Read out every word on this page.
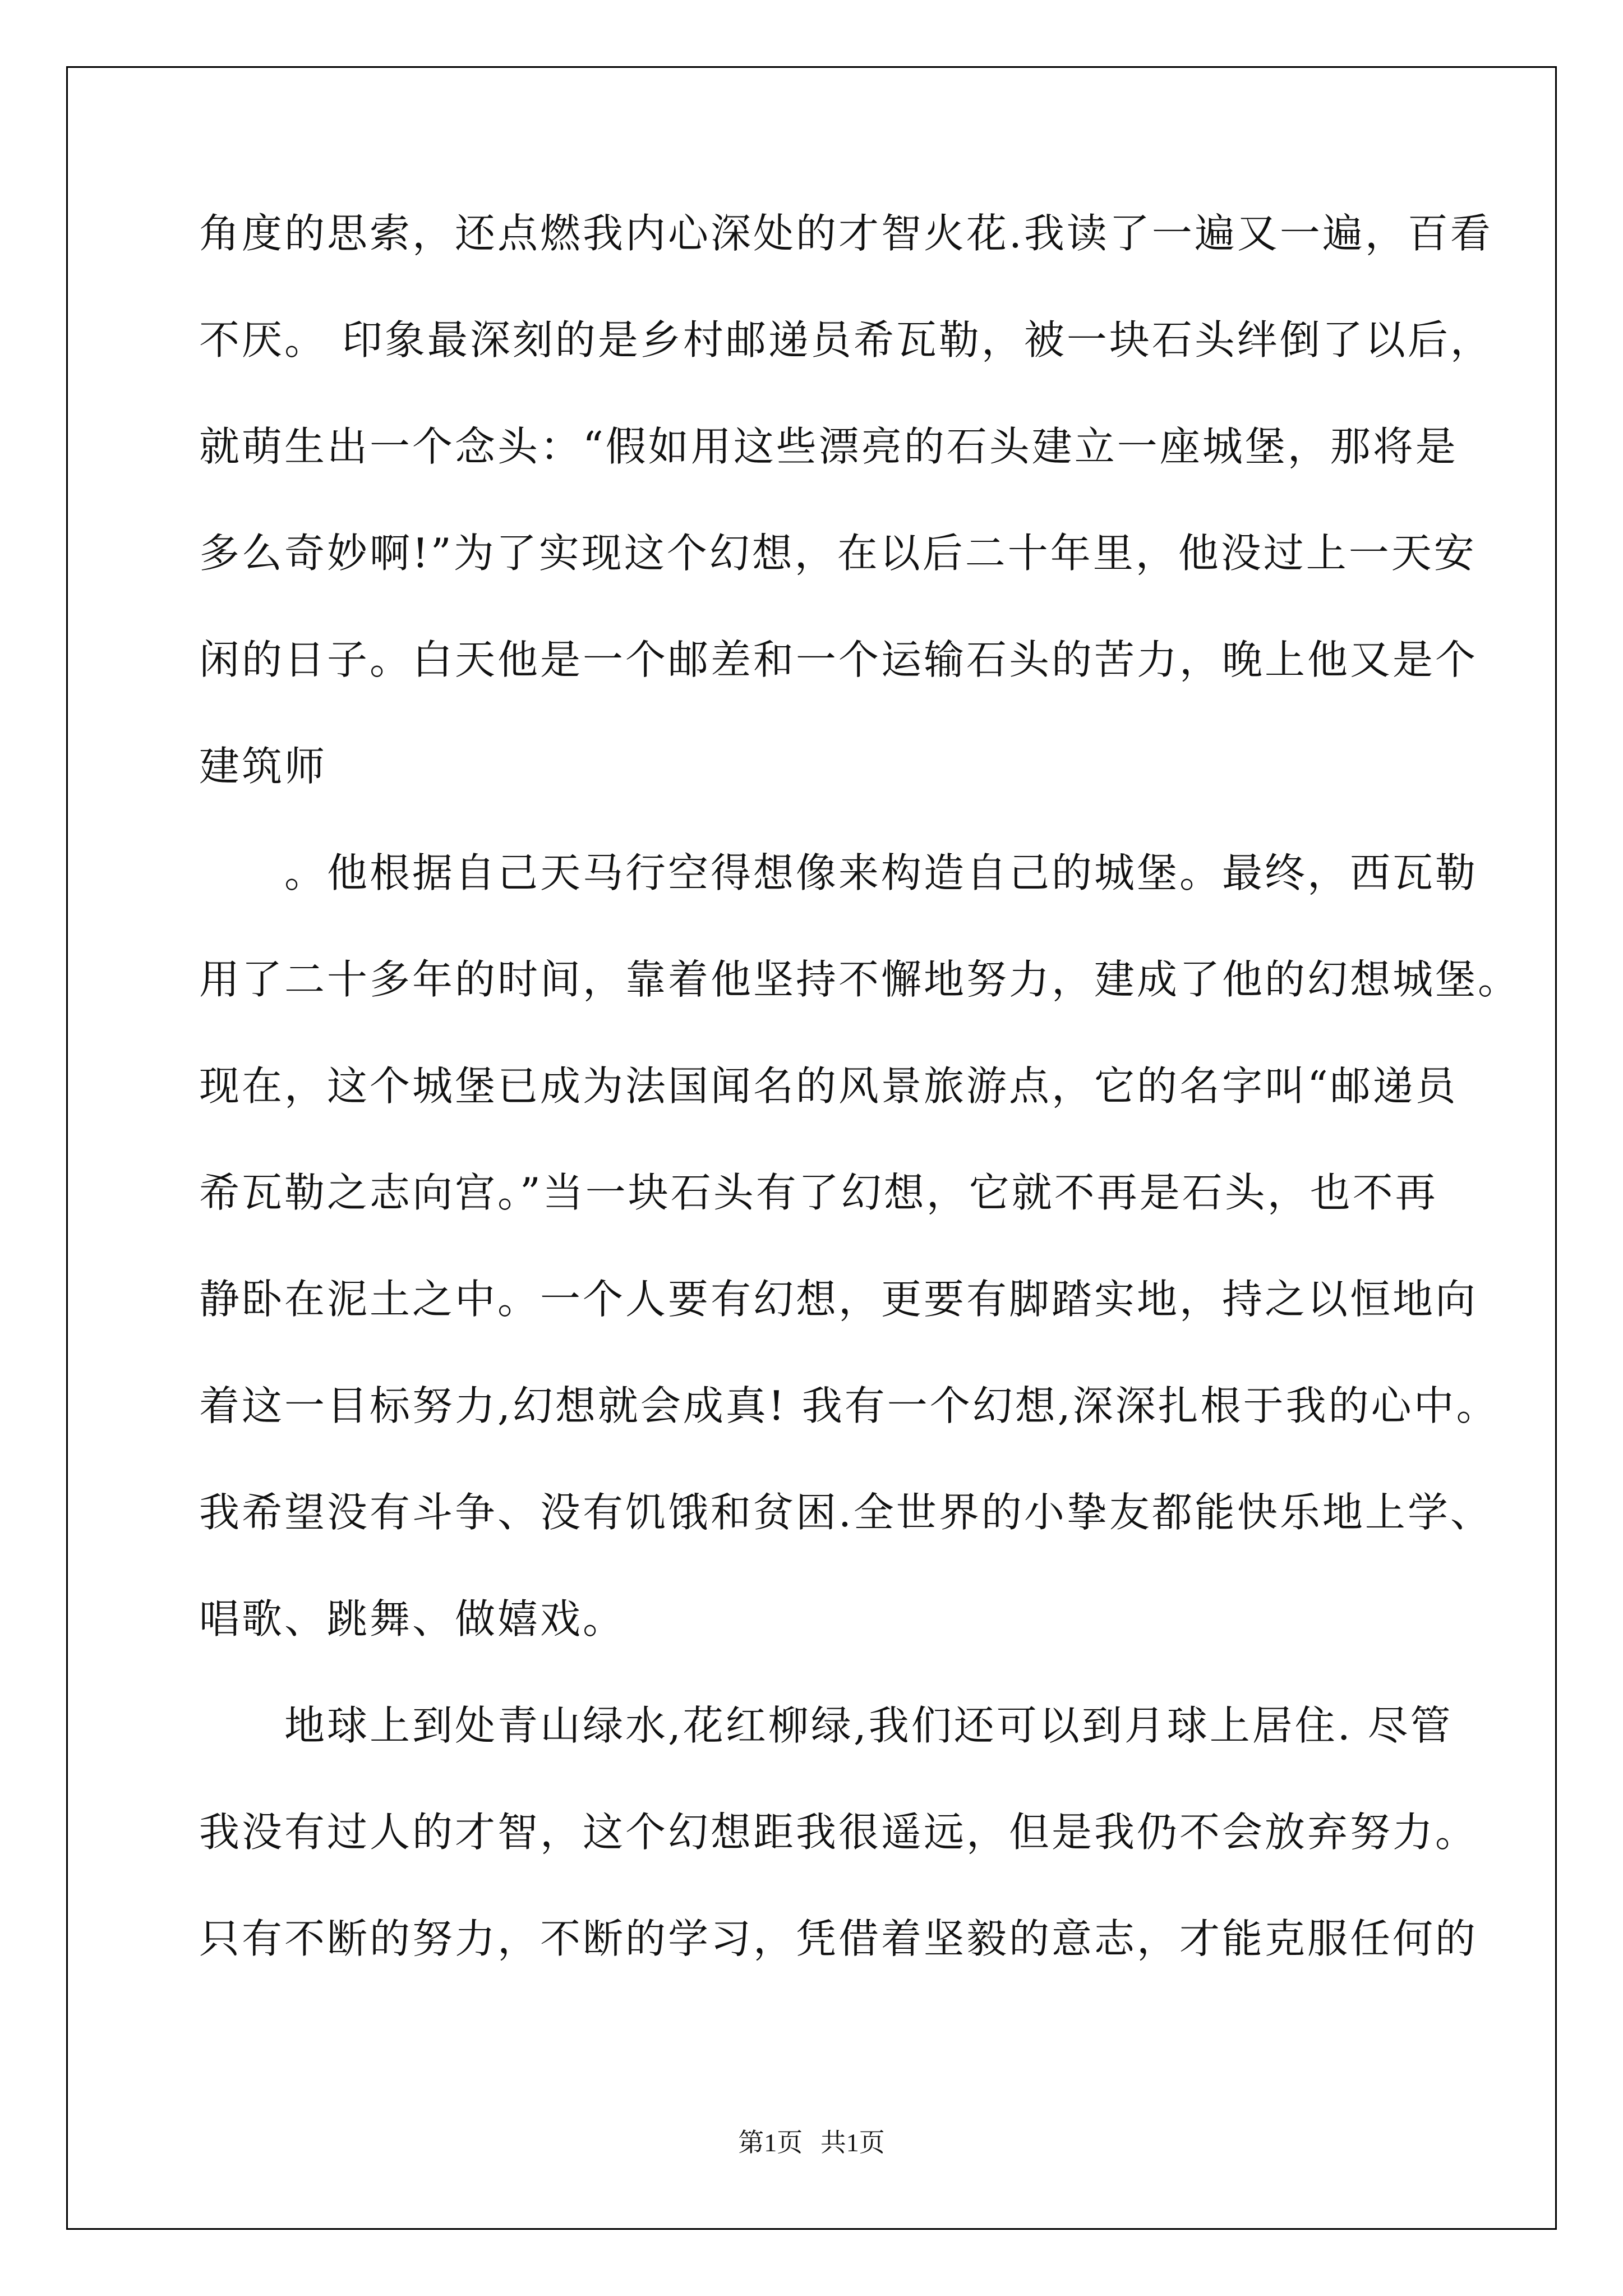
角度的思索，还点燃我内心深处的才智火花.我读了一遍又一遍，百看
不厌。 印象最深刻的是乡村邮递员希瓦勒，被一块石头绊倒了以后，
就萌生出一个念头：“假如用这些漂亮的石头建立一座城堡，那将是
多么奇妙啊!”为了实现这个幻想，在以后二十年里，他没过上一天安
闲的日子。白天他是一个邮差和一个运输石头的苦力，晚上他又是个
建筑师
　　。他根据自己天马行空得想像来构造自己的城堡。最终，西瓦勒
用了二十多年的时间，靠着他坚持不懈地努力，建成了他的幻想城堡。
现在，这个城堡已成为法国闻名的风景旅游点，它的名字叫“邮递员
希瓦勒之志向宫。”当一块石头有了幻想，它就不再是石头，也不再
静卧在泥土之中。一个人要有幻想，更要有脚踏实地，持之以恒地向
着这一目标努力,幻想就会成真! 我有一个幻想,深深扎根于我的心中。
我希望没有斗争、没有饥饿和贫困.全世界的小挚友都能快乐地上学、
唱歌、跳舞、做嬉戏。
　　地球上到处青山绿水,花红柳绿,我们还可以到月球上居住. 尽管
我没有过人的才智，这个幻想距我很遥远，但是我仍不会放弃努力。
只有不断的努力，不断的学习，凭借着坚毅的意志，才能克服任何的
第1页 共1页
